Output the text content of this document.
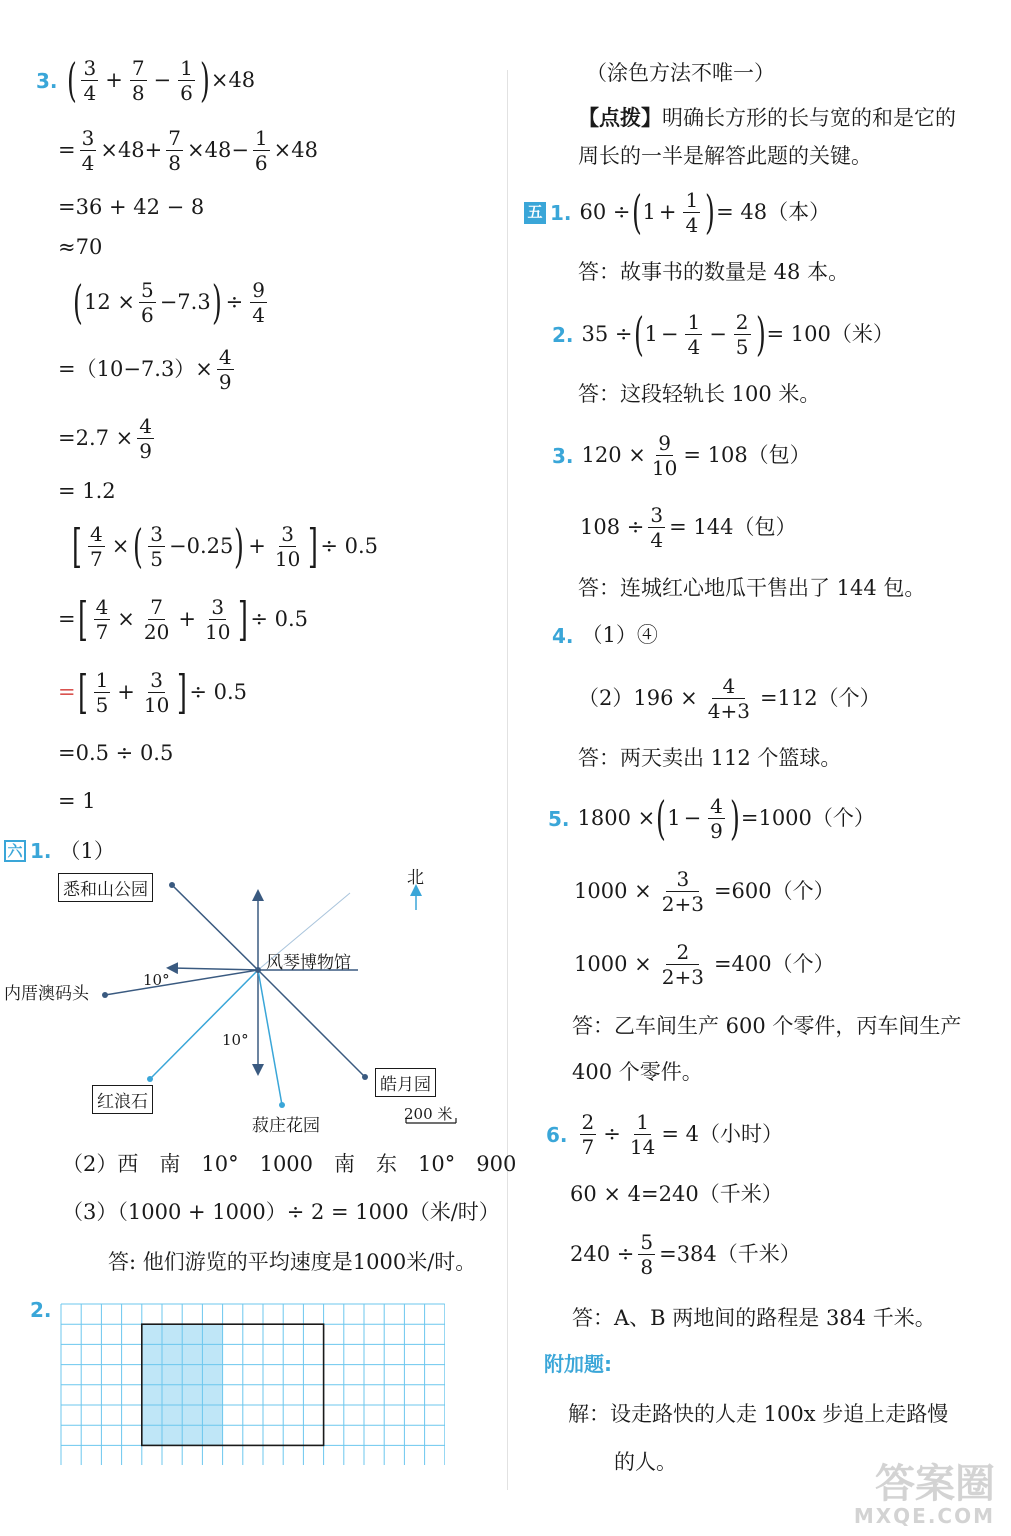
3. ( $\frac{3}{4} + \frac{7}{8} - \frac{1}{6}$ ) ×48
= $\frac{3}{4} \times 48+ \frac{7}{8} \times 48- \frac{1}{6} \times 48$
=36 + 42 − 8
≈70
( $12 \times \frac{5}{6} -7.3$ ) ÷ $\frac{9}{4}$
$=(10-7.3)\times \frac{4}{9}$
$=2.7 \times \frac{4}{9}$
= 1.2
[ $\frac{4}{7}$ × ( $\frac{3}{5} -0.25$ ) + $\frac{3}{10}$ ] ÷ 0.5
= [ $\frac{4}{7} \times \frac{7}{20} + \frac{3}{10}$ ] ÷ 0.5
= [ $\frac{1}{5} + \frac{3}{10}$ ] ÷ 0.5
=0.5 ÷ 0.5
= 1
六 1. （1）
北
悉和山公园
风琴博物馆
内厝澳码头
10°
10°
红浪石
菽庄花园
皓月园
200 米
（2）西　南　10°　1000　南　东　10°　900
（3）（1000 + 1000）÷ 2 = 1000（米/时）
答: 他们游览的平均速度是1000米/时。
2.
（涂色方法不唯一）
【点拨】 明确长方形的长与宽的和是它的
周长的一半是解答此题的关键。
五 1. 60 ÷ ( $1 + \frac{1}{4}$ ) = 48（本）
答：故事书的数量是 48 本。
2. 35 ÷ ( $1 - \frac{1}{4} - \frac{2}{5}$ ) = 100（米）
答：这段轻轨长 100 米。
3. $120 \times \frac{9}{10} = 108$（包）
$108 \div \frac{3}{4} = 144$（包）
答：连城红心地瓜干售出了 144 包。
4. （1）④
$(2)196 \times \frac{4}{4+3} =112$（个）
答：两天卖出 112 个篮球。
5. 1800 × ( $1 - \frac{4}{9}$ ) =1000（个）
$1000 \times \frac{3}{2+3} =600$（个）
$1000 \times \frac{2}{2+3} =400$（个）
答：乙车间生产 600 个零件，丙车间生产
400 个零件。
6. $\frac{2}{7} \div \frac{1}{14} = 4$（小时）
60 × 4=240（千米）
$240 \div \frac{5}{8} =384$（千米）
答：A、B 两地间的路程是 384 千米。
附加题:
解：设走路快的人走 100x 步追上走路慢
的人。	答案圈
MXQE.COM
